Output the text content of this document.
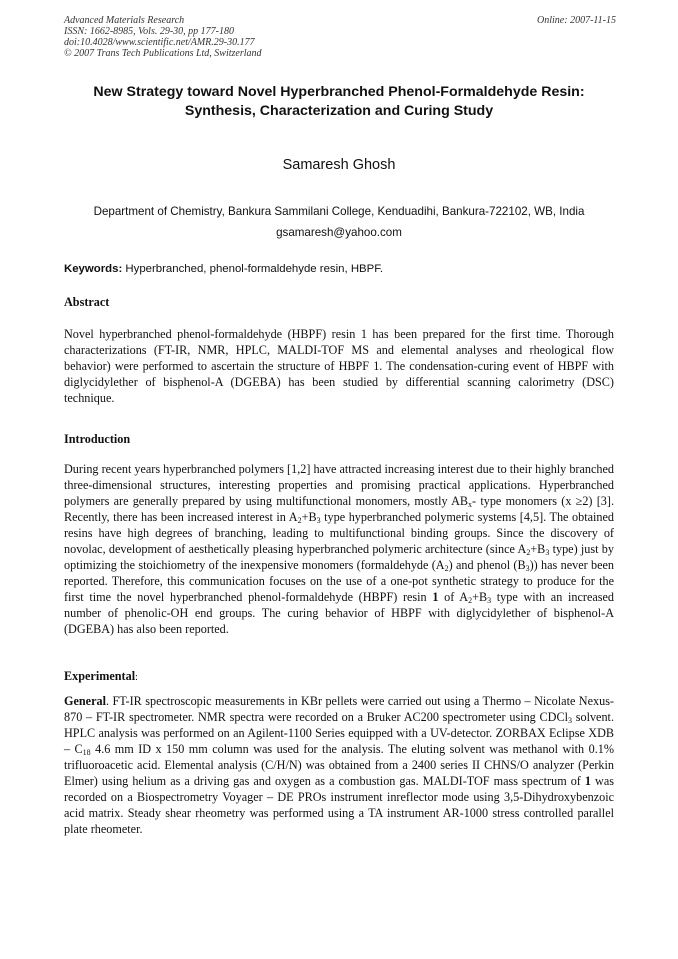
Advanced Materials Research
ISSN: 1662-8985, Vols. 29-30, pp 177-180
doi:10.4028/www.scientific.net/AMR.29-30.177
© 2007 Trans Tech Publications Ltd, Switzerland
Online: 2007-11-15
New Strategy toward Novel Hyperbranched Phenol-Formaldehyde Resin: Synthesis, Characterization and Curing Study
Samaresh Ghosh
Department of Chemistry, Bankura Sammilani College, Kenduadihi, Bankura-722102, WB, India
gsamaresh@yahoo.com
Keywords: Hyperbranched, phenol-formaldehyde resin, HBPF.
Abstract
Novel hyperbranched phenol-formaldehyde (HBPF) resin 1 has been prepared for the first time. Thorough characterizations (FT-IR, NMR, HPLC, MALDI-TOF MS and elemental analyses and rheological flow behavior) were performed to ascertain the structure of HBPF 1. The condensation-curing event of HBPF with diglycidylether of bisphenol-A (DGEBA) has been studied by differential scanning calorimetry (DSC) technique.
Introduction
During recent years hyperbranched polymers [1,2] have attracted increasing interest due to their highly branched three-dimensional structures, interesting properties and promising practical applications. Hyperbranched polymers are generally prepared by using multifunctional monomers, mostly $AB_x-$ type monomers (x ≥2) [3]. Recently, there has been increased interest in $A_2+B_3$ type hyperbranched polymeric systems [4,5]. The obtained resins have high degrees of branching, leading to multifunctional binding groups. Since the discovery of novolac, development of aesthetically pleasing hyperbranched polymeric architecture (since $A_2+B_3$ type) just by optimizing the stoichiometry of the inexpensive monomers (formaldehyde $(A_2)$ and phenol $(B_3)$) has never been reported. Therefore, this communication focuses on the use of a one-pot synthetic strategy to produce for the first time the novel hyperbranched phenol-formaldehyde (HBPF) resin 1 of $A_2+B_3$ type with an increased number of phenolic-OH end groups. The curing behavior of HBPF with diglycidylether of bisphenol-A (DGEBA) has also been reported.
Experimental:
General. FT-IR spectroscopic measurements in KBr pellets were carried out using a Thermo – Nicolate Nexus- 870 – FT-IR spectrometer. NMR spectra were recorded on a Bruker AC200 spectrometer using CDCl$_3$ solvent. HPLC analysis was performed on an Agilent-1100 Series equipped with a UV-detector. ZORBAX Eclipse XDB – $C_{18}$ 4.6 mm ID x 150 mm column was used for the analysis. The eluting solvent was methanol with 0.1% trifluoroacetic acid. Elemental analysis (C/H/N) was obtained from a 2400 series II CHNS/O analyzer (Perkin Elmer) using helium as a driving gas and oxygen as a combustion gas. MALDI-TOF mass spectrum of 1 was recorded on a Biospectrometry Voyager – DE PROs instrument inreflector mode using 3,5-Dihydroxybenzoic acid matrix. Steady shear rheometry was performed using a TA instrument AR-1000 stress controlled parallel plate rheometer.
